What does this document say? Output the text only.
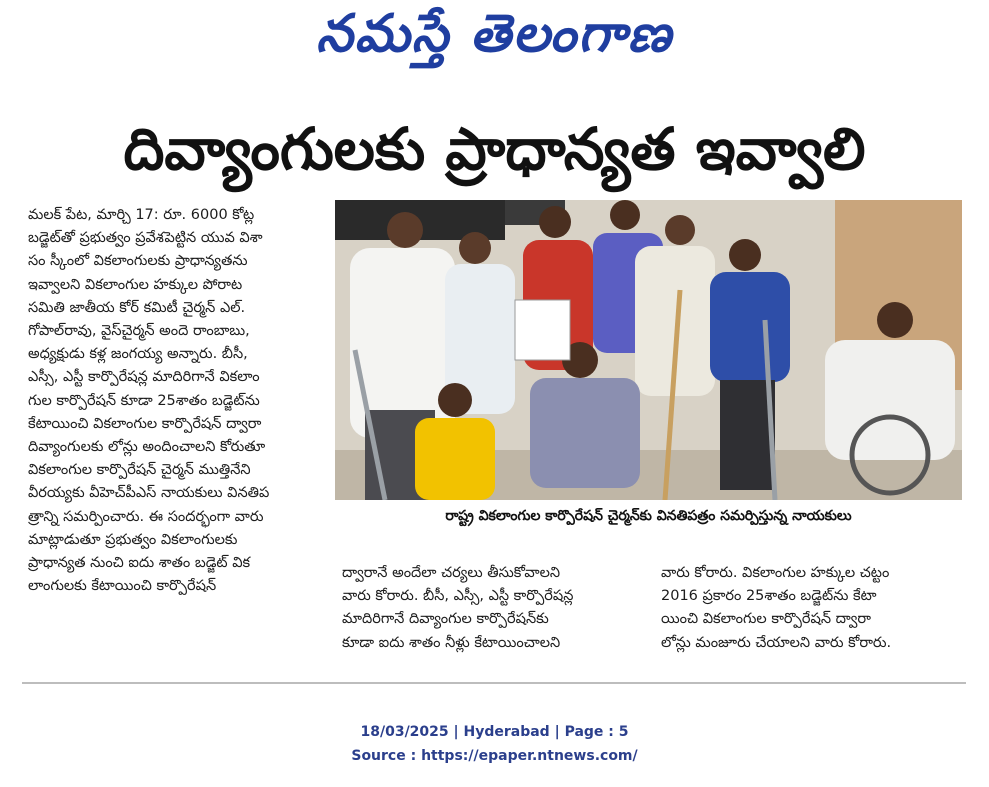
నమస్తే తెలంగాణ
దివ్యాంగులకు ప్రాధాన్యత ఇవ్వాలి

మలక్ పేట, మార్చి 17: రూ. 6000 కోట్ల

బడ్జెట్‌తో ప్రభుత్వం ప్రవేశపెట్టిన యువ విశా

సం స్కీంలో వికలాంగులకు ప్రాధాన్యతను

ఇవ్వాలని వికలాంగుల హక్కుల పోరాట

సమితి జాతీయ కోర్ కమిటీ చైర్మన్ ఎల్.

గోపాల్‌రావు, వైస్‌చైర్మన్ అందె రాంబాబు,

అధ్యక్షుడు కళ్ల జంగయ్య అన్నారు. బీసీ,

ఎస్సీ, ఎస్టీ కార్పొరేషన్ల మాదిరిగానే వికలాం

గుల కార్పొరేషన్ కూడా 25శాతం బడ్జెట్‌ను

కేటాయించి వికలాంగుల కార్పొరేషన్ ద్వారా

దివ్యాంగులకు లోన్లు అందించాలని కోరుతూ

వికలాంగుల కార్పొరేషన్ చైర్మన్ ముత్తినేని

వీరయ్యకు వీహెచ్‌పీఎస్ నాయకులు వినతిప

త్రాన్ని సమర్పించారు. ఈ సందర్భంగా వారు

మాట్లాడుతూ ప్రభుత్వం వికలాంగులకు

ప్రాధాన్యత నుంచి ఐదు శాతం బడ్జెట్ విక

లాంగులకు కేటాయించి కార్పొరేషన్

రాష్ట్ర వికలాంగుల కార్పొరేషన్ చైర్మన్‌కు వినతిపత్రం సమర్పిస్తున్న నాయకులు

ద్వారానే అందేలా చర్యలు తీసుకోవాలని

వారు కోరారు. బీసీ, ఎస్సీ, ఎస్టీ కార్పొరేషన్ల

మాదిరిగానే దివ్యాంగుల కార్పొరేషన్‌కు

కూడా ఐదు శాతం నీళ్లు కేటాయించాలని

వారు కోరారు. వికలాంగుల హక్కుల చట్టం

2016 ప్రకారం 25శాతం బడ్జెట్‌ను కేటా

యించి వికలాంగుల కార్పొరేషన్ ద్వారా

లోన్లు మంజూరు చేయాలని వారు కోరారు.

18/03/2025 | Hyderabad | Page : 5
Source : https://epaper.ntnews.com/
